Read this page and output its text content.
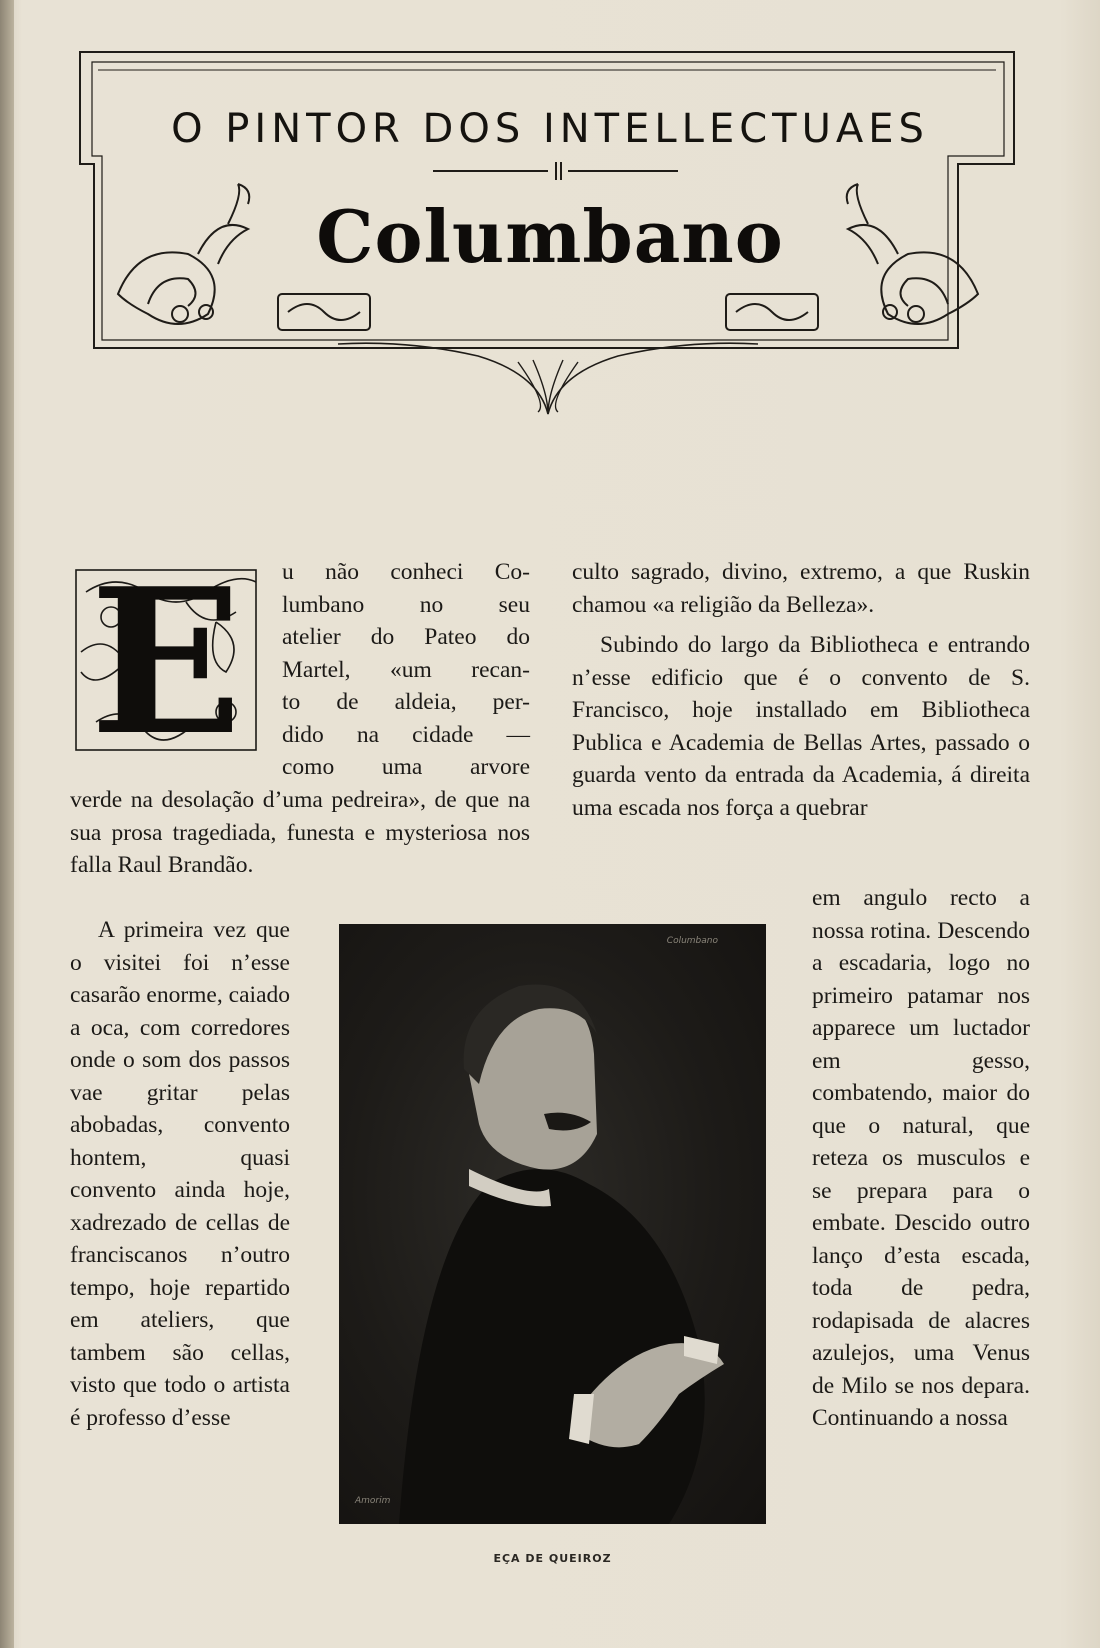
O PINTOR DOS INTELLECTUAES
Columbano
E u não conheci Co-
lumbano no seu
atelier do Pateo do
Martel, «um recan-
to de aldeia, per-
dido na cidade —
como uma arvore

verde na desolação d’uma pedreira», de que na sua prosa tragediada, funesta e mysteriosa nos falla Raul Brandão.

A primeira vez que o visitei foi n’esse casarão enorme, caiado a oca, com corredores onde o som dos passos vae gritar pelas abobadas, convento hontem, quasi convento ainda hoje, xadrezado de cellas de franciscanos n’outro tempo, hoje repartido em ateliers, que tambem são cellas, visto que todo o artista é professo d’esse

culto sagrado, divino, extremo, a que Ruskin chamou «a religião da Belleza».

Subindo do largo da Bibliotheca e entrando n’esse edificio que é o convento de S. Francisco, hoje installado em Bibliotheca Publica e Academia de Bellas Artes, passado o guarda vento da entrada da Academia, á direita uma escada nos força a quebrar

em angulo recto a nossa rotina. Descendo a escadaria, logo no primeiro patamar nos apparece um luctador em gesso, combatendo, maior do que o natural, que reteza os musculos e se prepara para o embate. Descido outro lanço d’esta escada, toda de pedra, rodapisada de alacres azulejos, uma Venus de Milo se nos depara. Continuando a nossa

Columbano
Amorim
EÇA DE QUEIROZ
